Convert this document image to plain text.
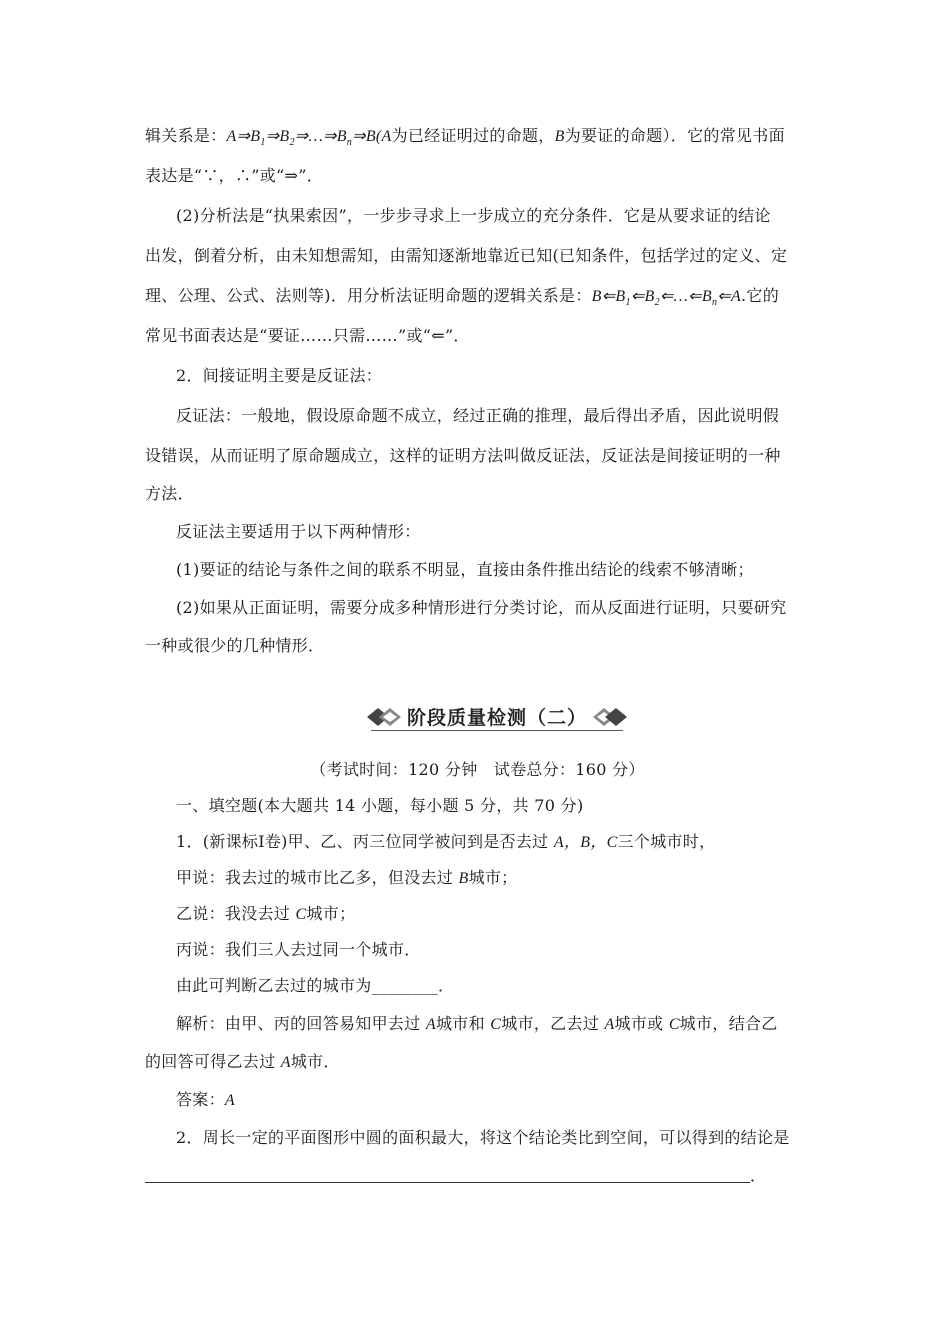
辑关系是：$A\Rightarrow B_1\Rightarrow B_2\Rightarrow\dots\Rightarrow B_n\Rightarrow B(A$为已经证明过的命题，B为要证的命题）．它的常见书面
表达是“∵，∴”或“⇒”．
(2)分析法是“执果索因”，一步步寻求上一步成立的充分条件．它是从要求证的结论
出发，倒着分析，由未知想需知，由需知逐渐地靠近已知(已知条件，包括学过的定义、定
理、公理、公式、法则等)．用分析法证明命题的逻辑关系是：$B⇐B_1⇐B_2⇐\dots⇐B_n⇐A$.它的
常见书面表达是“要证……只需……”或“⇐”．
2．间接证明主要是反证法：
反证法：一般地，假设原命题不成立，经过正确的推理，最后得出矛盾，因此说明假
设错误，从而证明了原命题成立，这样的证明方法叫做反证法，反证法是间接证明的一种
方法．
反证法主要适用于以下两种情形：
(1)要证的结论与条件之间的联系不明显，直接由条件推出结论的线索不够清晰；
(2)如果从正面证明，需要分成多种情形进行分类讨论，而从反面进行证明，只要研究
一种或很少的几种情形．
阶段质量检测（二）
（考试时间：120 分钟　试卷总分：160 分）
一、填空题(本大题共 14 小题，每小题 5 分，共 70 分)
1．(新课标Ⅰ卷)甲、乙、丙三位同学被问到是否去过 A，B，C三个城市时，
甲说：我去过的城市比乙多，但没去过 B城市；
乙说：我没去过 C城市；
丙说：我们三人去过同一个城市．
由此可判断乙去过的城市为________．
解析：由甲、丙的回答易知甲去过 A城市和 C城市，乙去过 A城市或 C城市，结合乙
的回答可得乙去过 A城市．
答案：A
2．周长一定的平面图形中圆的面积最大，将这个结论类比到空间，可以得到的结论是
．
